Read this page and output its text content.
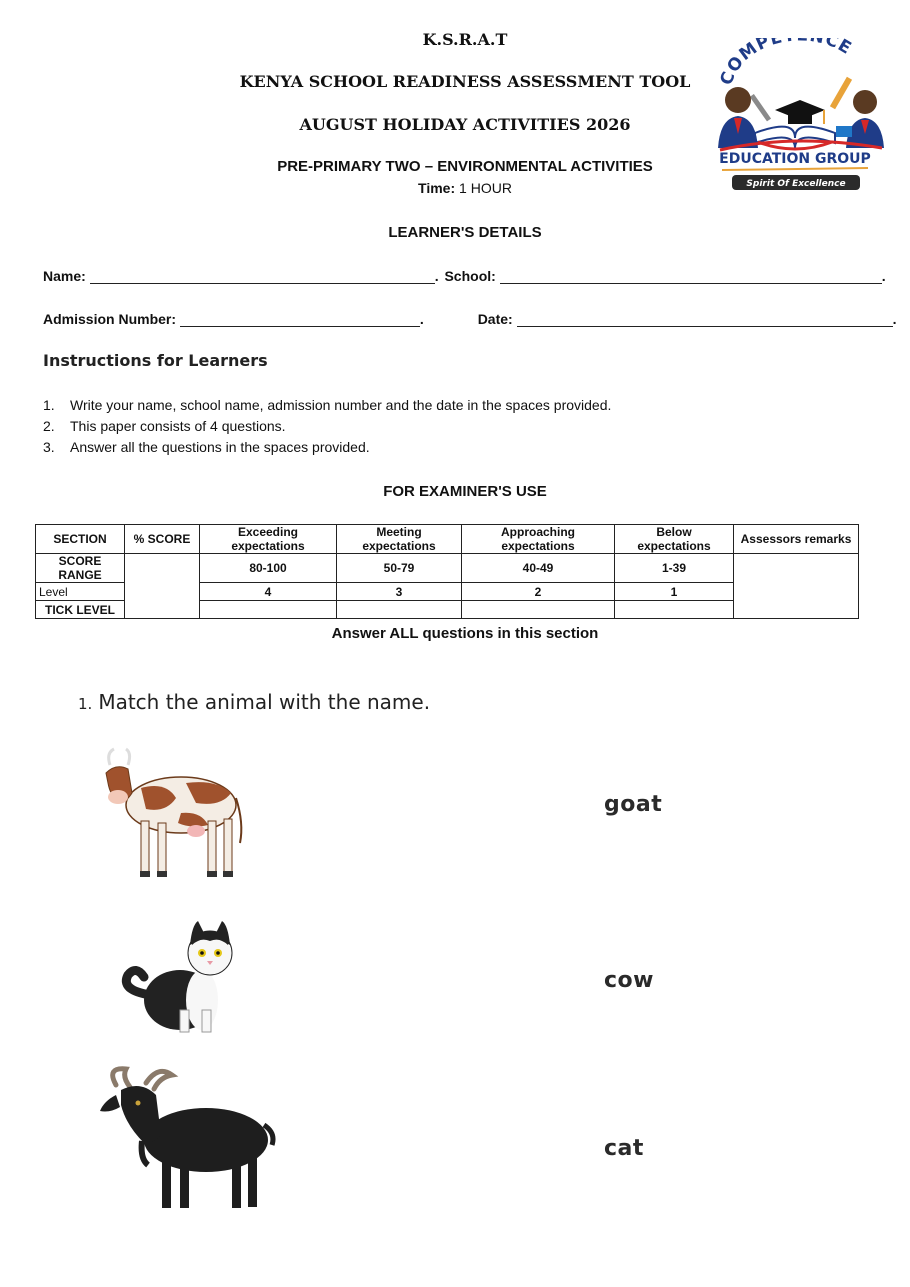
K.S.R.A.T
KENYA SCHOOL READINESS ASSESSMENT TOOL
AUGUST HOLIDAY ACTIVITIES 2026
PRE-PRIMARY TWO – ENVIRONMENTAL ACTIVITIES
Time: 1 HOUR
COMPE CE
EDUCATION GROUP
Spirit Of Excellence
LEARNER'S DETAILS
Name:	. School:	.
Admission Number:	.	Date:	.
Instructions for Learners
1.	Write your name, school name, admission number and the date in the spaces provided.
2.	This paper consists of 4 questions.
3.	Answer all the questions in the spaces provided.
FOR EXAMINER'S USE
SECTION	% SCORE	Exceeding expectations	Meeting expectations	Approaching expectations	Below expectations	Assessors remarks
SCORE RANGE		80-100	50-79	40-49	1-39	
Level		4	3	2	1	
TICK LEVEL						
Answer ALL questions in this section
1. Match the animal with the name.
goat
cow
cat
